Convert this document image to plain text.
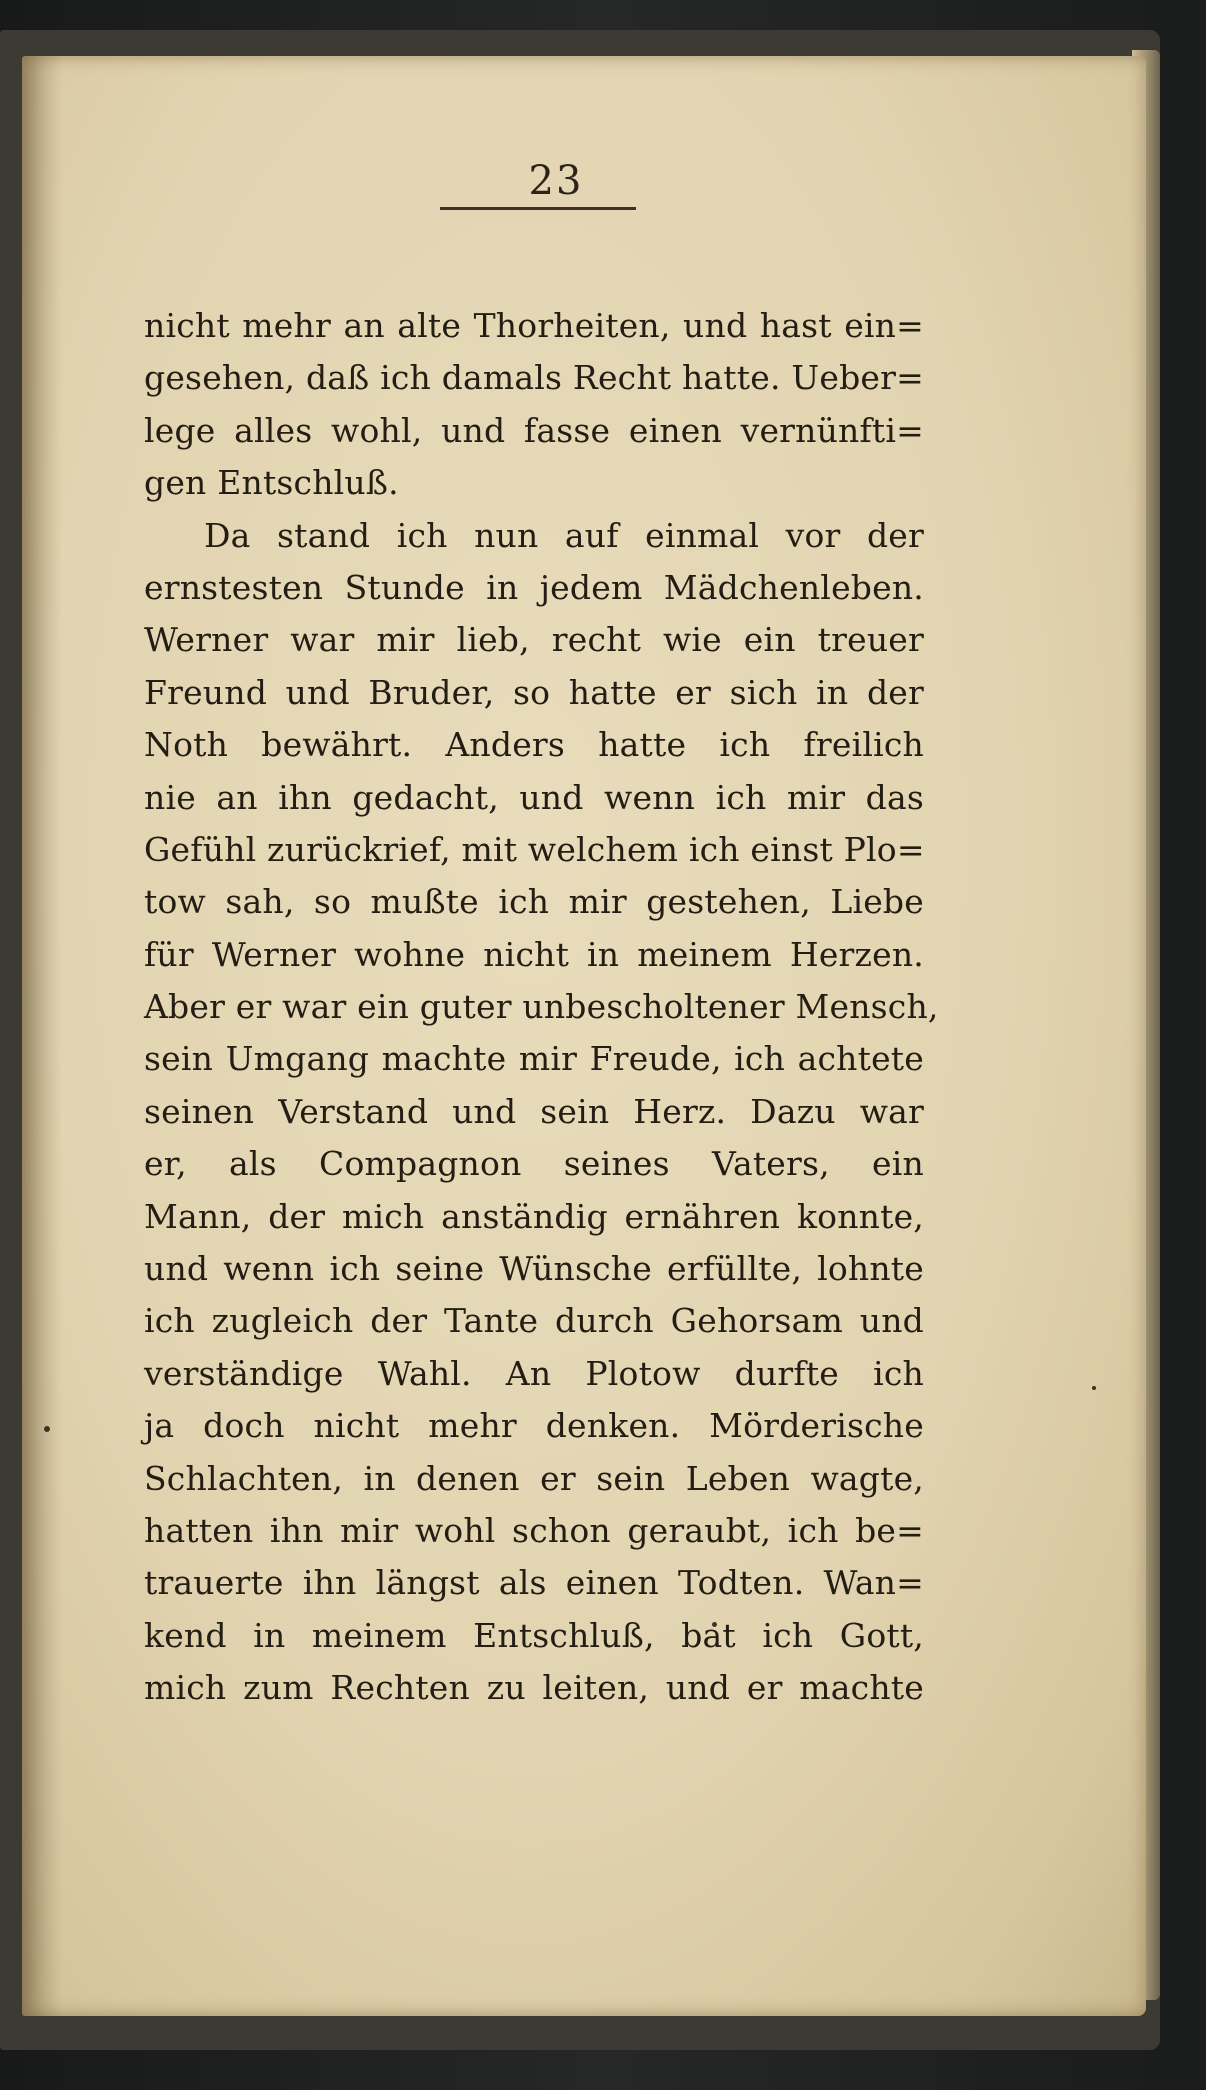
23
nicht mehr an alte Thorheiten, und hast ein=
gesehen, daß ich damals Recht hatte. Ueber=
lege alles wohl, und fasse einen vernünfti=
gen Entschluß.
Da stand ich nun auf einmal vor der
ernstesten Stunde in jedem Mädchenleben.
Werner war mir lieb, recht wie ein treuer
Freund und Bruder, so hatte er sich in der
Noth bewährt. Anders hatte ich freilich
nie an ihn gedacht, und wenn ich mir das
Gefühl zurückrief, mit welchem ich einst Plo=
tow sah, so mußte ich mir gestehen, Liebe
für Werner wohne nicht in meinem Herzen.
Aber er war ein guter unbescholtener Mensch,
sein Umgang machte mir Freude, ich achtete
seinen Verstand und sein Herz. Dazu war
er, als Compagnon seines Vaters, ein
Mann, der mich anständig ernähren konnte,
und wenn ich seine Wünsche erfüllte, lohnte
ich zugleich der Tante durch Gehorsam und
verständige Wahl. An Plotow durfte ich
ja doch nicht mehr denken. Mörderische
Schlachten, in denen er sein Leben wagte,
hatten ihn mir wohl schon geraubt, ich be=
trauerte ihn längst als einen Todten. Wan=
kend in meinem Entschluß, bat ich Gott,
mich zum Rechten zu leiten, und er machte
